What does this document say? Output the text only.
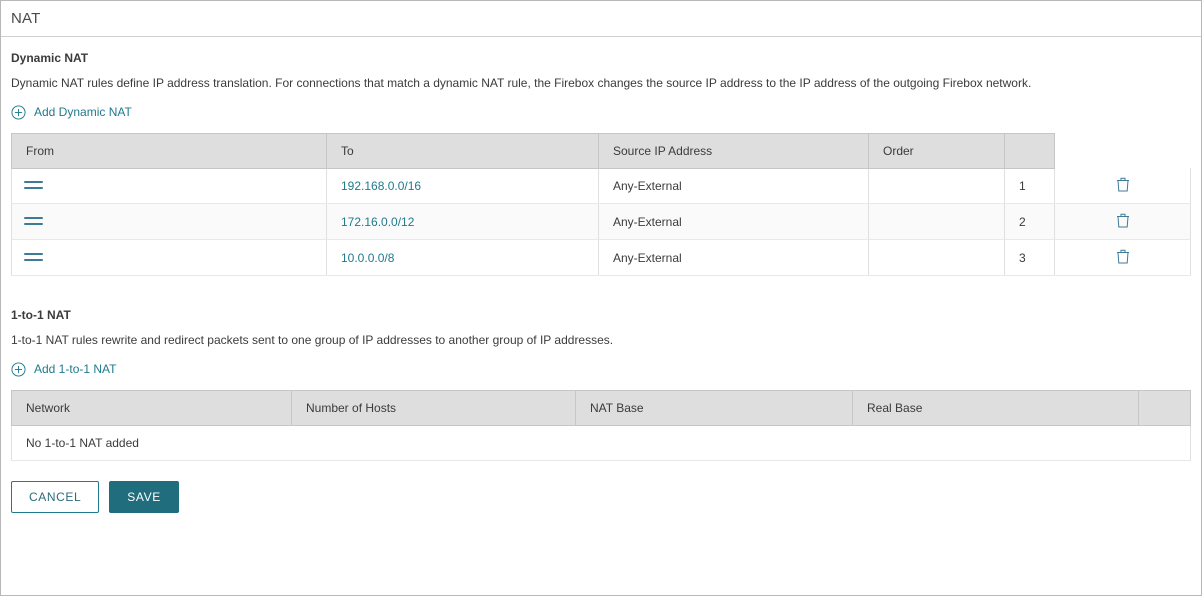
NAT
Dynamic NAT
Dynamic NAT rules define IP address translation. For connections that match a dynamic NAT rule, the Firebox changes the source IP address to the IP address of the outgoing Firebox network.
Add Dynamic NAT
From	To	Source IP Address	Order		

	192.168.0.0/16	Any-External		1	

	172.16.0.0/12	Any-External		2	

	10.0.0.0/8	Any-External		3	
1-to-1 NAT
1-to-1 NAT rules rewrite and redirect packets sent to one group of IP addresses to another group of IP addresses.
Add 1-to-1 NAT
Network	Number of Hosts	NAT Base	Real Base	
No 1-to-1 NAT added
CANCEL	SAVE
